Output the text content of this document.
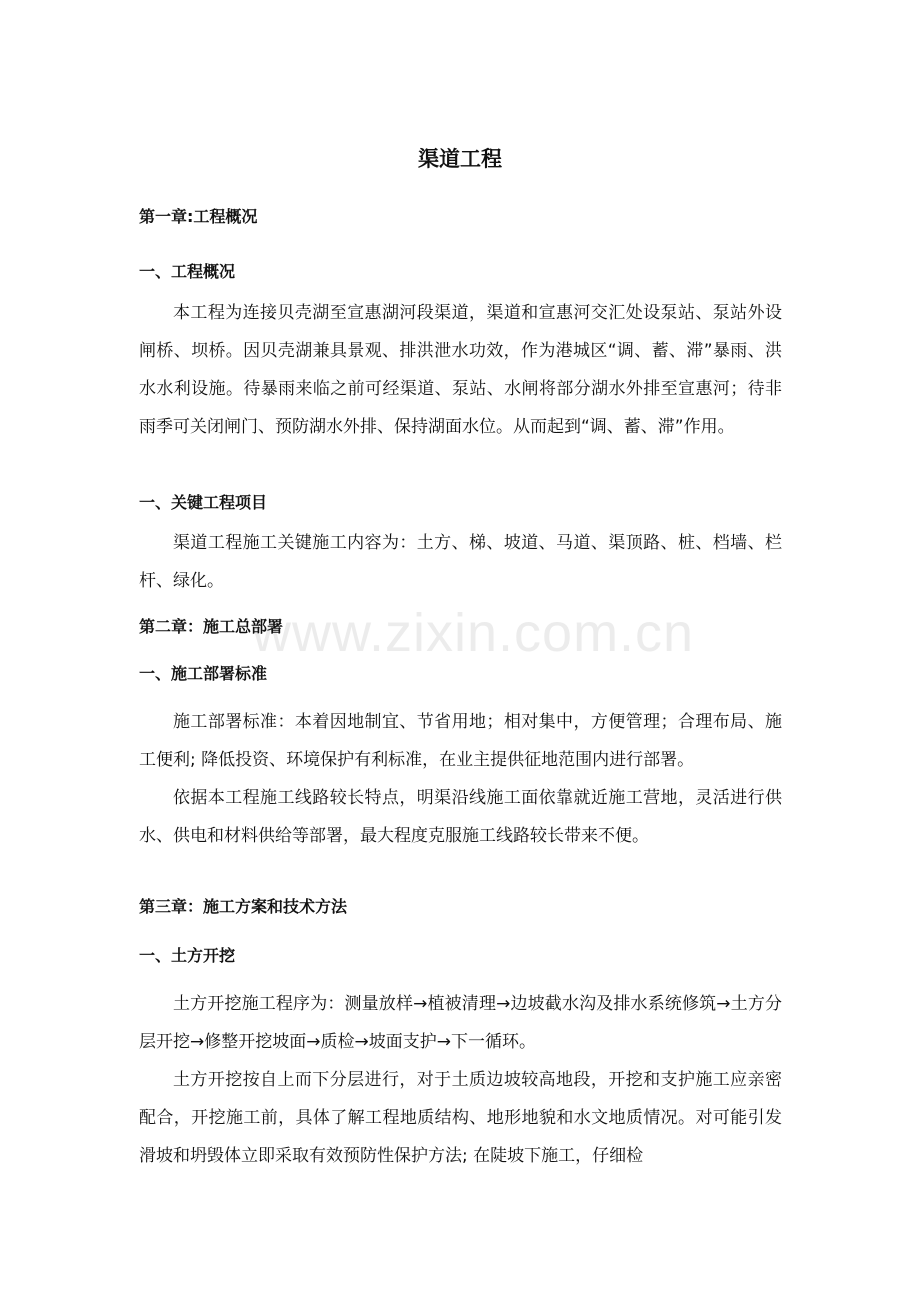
www.zixin.com.cn
渠道工程
第一章:工程概况
一、工程概况

本工程为连接贝壳湖至宣惠湖河段渠道，渠道和宣惠河交汇处设泵站、泵站外设闸桥、坝桥。因贝壳湖兼具景观、排洪泄水功效，作为港城区“调、蓄、滞”暴雨、洪水水利设施。待暴雨来临之前可经渠道、泵站、水闸将部分湖水外排至宣惠河；待非雨季可关闭闸门、预防湖水外排、保持湖面水位。从而起到“调、蓄、滞”作用。

一、关键工程项目

渠道工程施工关键施工内容为：土方、梯、坡道、马道、渠顶路、桩、档墙、栏杆、绿化。

第二章：施工总部署
一、施工部署标准

施工部署标准：本着因地制宜、节省用地；相对集中，方便管理；合理布局、施工便利; 降低投资、环境保护有利标准，在业主提供征地范围内进行部署。

依据本工程施工线路较长特点，明渠沿线施工面依靠就近施工营地，灵活进行供水、供电和材料供给等部署，最大程度克服施工线路较长带来不便。

第三章：施工方案和技术方法
一、土方开挖

土方开挖施工程序为：测量放样→植被清理→边坡截水沟及排水系统修筑→土方分层开挖→修整开挖坡面→质检→坡面支护→下一循环。

土方开挖按自上而下分层进行，对于土质边坡较高地段，开挖和支护施工应亲密配合，开挖施工前，具体了解工程地质结构、地形地貌和水文地质情况。对可能引发滑坡和坍毁体立即采取有效预防性保护方法; 在陡坡下施工，仔细检
